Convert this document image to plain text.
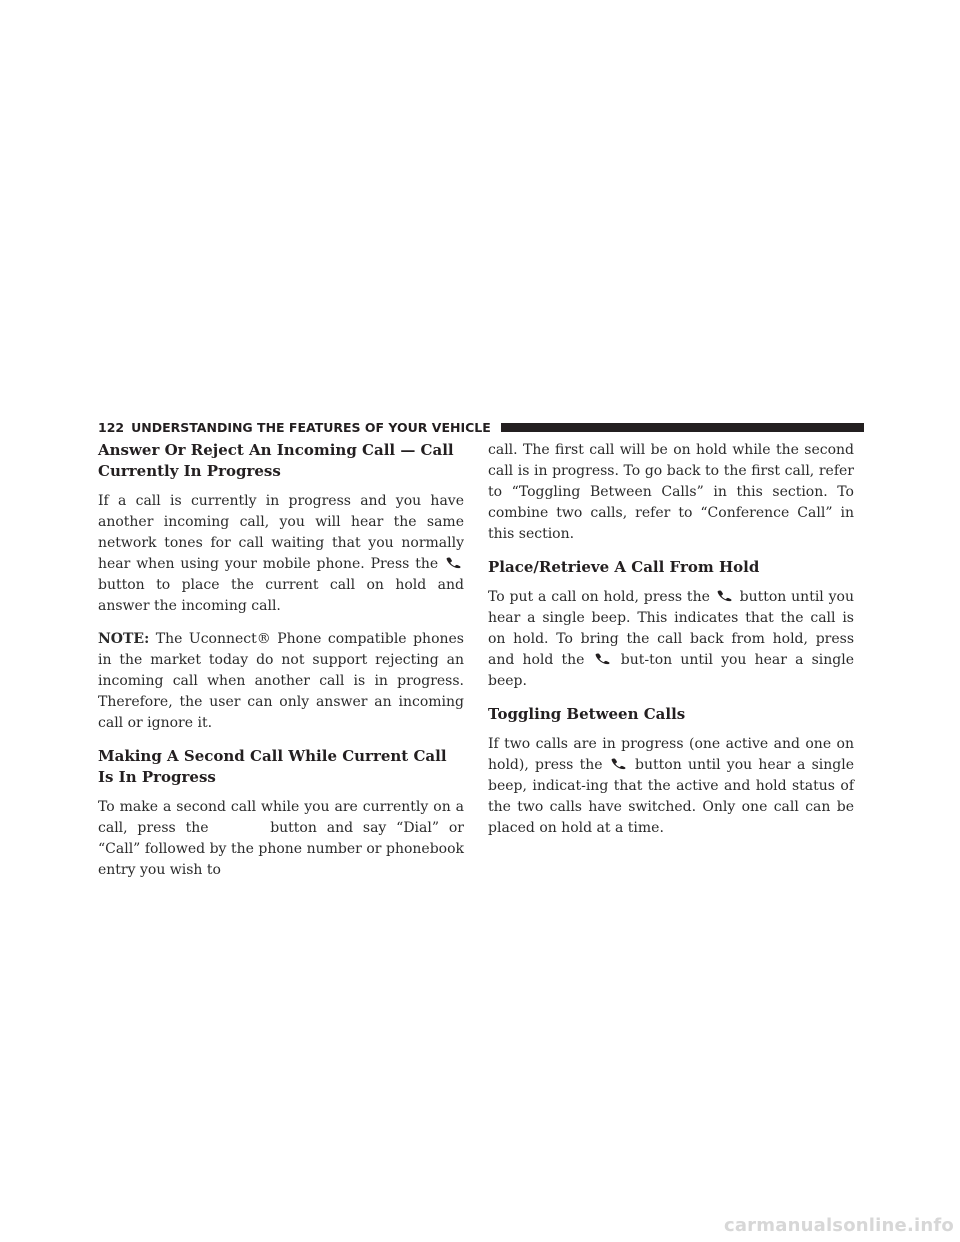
122 UNDERSTANDING THE FEATURES OF YOUR VEHICLE
Answer Or Reject An Incoming Call — Call Currently In Progress

If a call is currently in progress and you have another incoming call, you will hear the same network tones for call waiting that you normally hear when using your mobile phone. Press the
button to place the current call on hold and answer the incoming call.

NOTE: The Uconnect® Phone compatible phones in the market today do not support rejecting an incoming call when another call is in progress. Therefore, the user can only answer an incoming call or ignore it.

Making A Second Call While Current Call Is In Progress

To make a second call while you are currently on a call, press the	button and say “Dial” or “Call” followed by the phone number or phonebook entry you wish to

call. The first call will be on hold while the second call is in progress. To go back to the first call, refer to “Toggling Between Calls” in this section. To combine two calls, refer to “Conference Call” in this section.

Place/Retrieve A Call From Hold

To put a call on hold, press the button until you hear a single beep. This indicates that the call is on hold. To bring the call back from hold, press and hold the	but-ton until you hear a single beep.

Toggling Between Calls

If two calls are in progress (one active and one on hold), press the button until you hear a single beep, indicat-ing that the active and hold status of the two calls have switched. Only one call can be placed on hold at a time.

carmanualsonline.info
